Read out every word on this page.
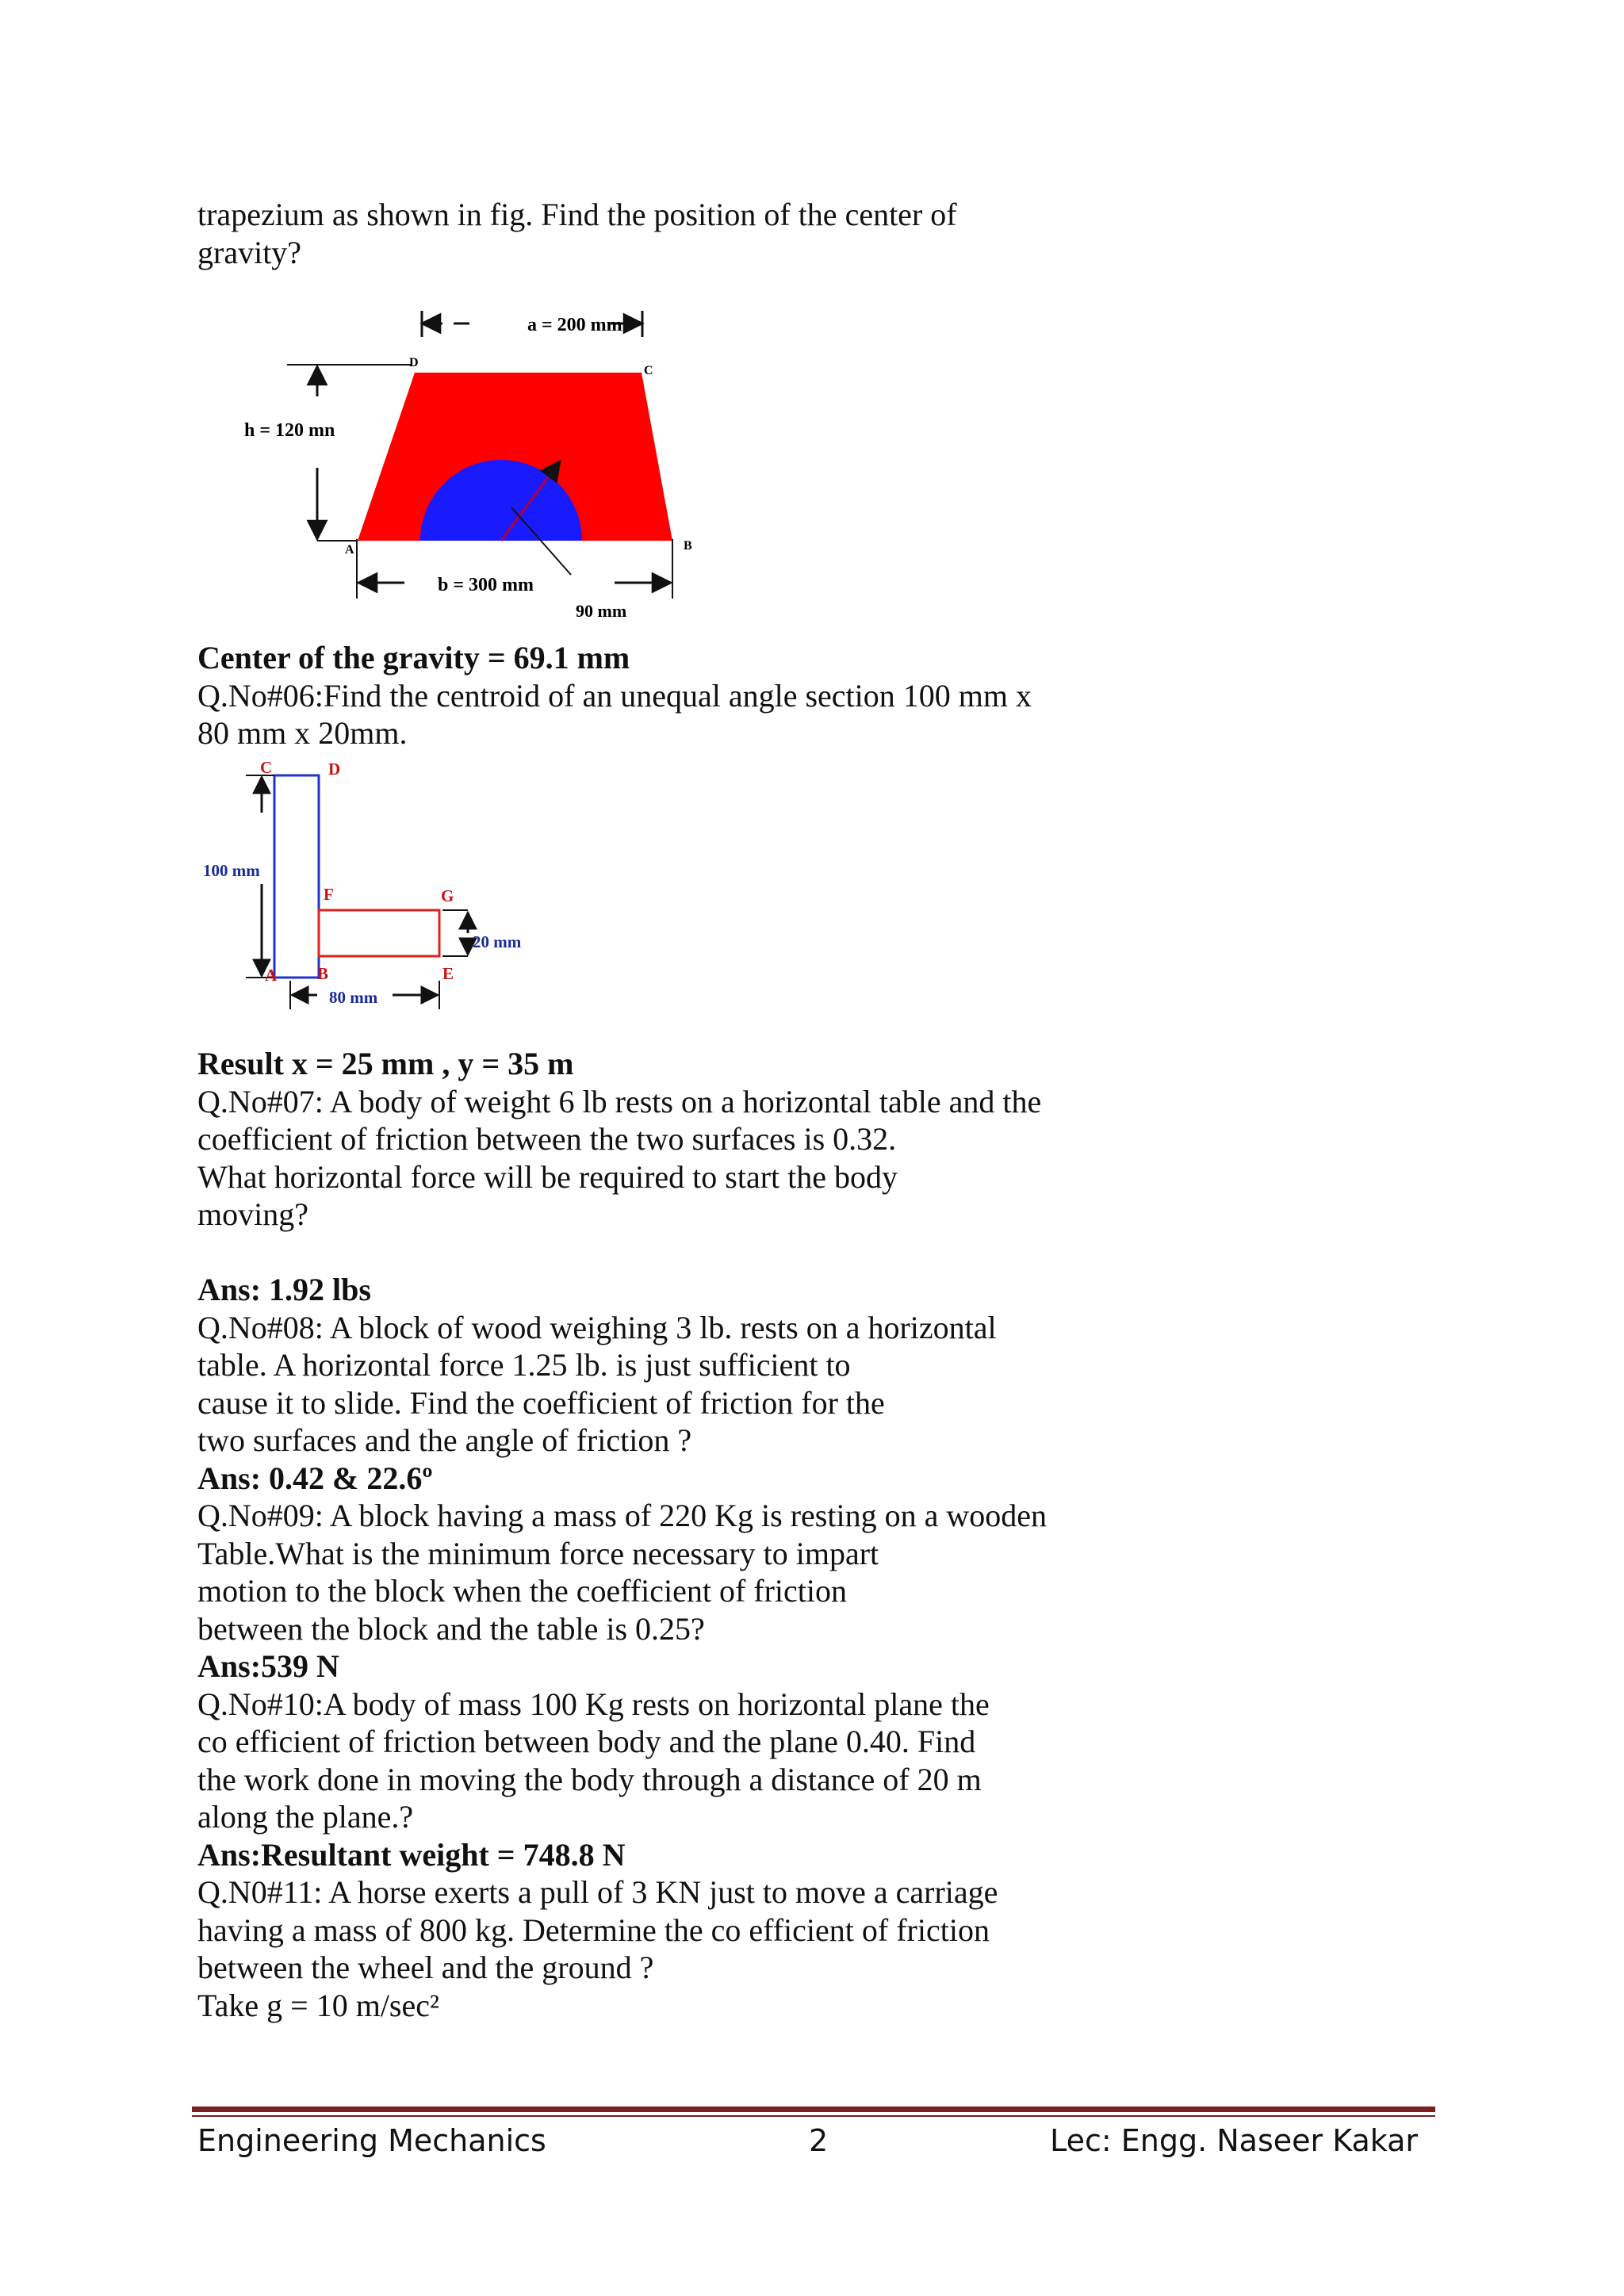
trapezium as shown in fig. Find the position of the center of

gravity?

a = 200 mm
h = 120 mn
b = 300 mm
90 mm
D
C
A	B

Center of the gravity = 69.1 mm

Q.No#06:Find the centroid of an unequal angle section 100 mm x

80 mm x 20mm.

100 mm
20 mm
80 mm
C	D
F	G
A B	E

Result x = 25 mm , y = 35 m

Q.No#07: A body of weight 6 lb rests on a horizontal table and the

coefficient of friction between the two surfaces is 0.32.

What horizontal force will be required to start the body

moving?

Ans: 1.92 lbs

Q.No#08: A block of wood weighing 3 lb. rests on a horizontal

table. A horizontal force 1.25 lb. is just sufficient to

cause it to slide. Find the coefficient of friction for the

two surfaces and the angle of friction ?

Ans: 0.42 & 22.6º

Q.No#09: A block having a mass of 220 Kg is resting on a wooden

Table.What is the minimum force necessary to impart

motion to the block when the coefficient of friction

between the block and the table is 0.25?

Ans:539 N

Q.No#10:A body of mass 100 Kg rests on horizontal plane the

co efficient of friction between body and the plane 0.40. Find

the work done in moving the body through a distance of 20 m

along the plane.?

Ans:Resultant weight = 748.8 N

Q.N0#11: A horse exerts a pull of 3 KN just to move a carriage

having a mass of 800 kg. Determine the co efficient of friction

between the wheel and the ground ?

Take g = 10 m/sec²

Engineering Mechanics	2	Lec: Engg. Naseer Kakar
